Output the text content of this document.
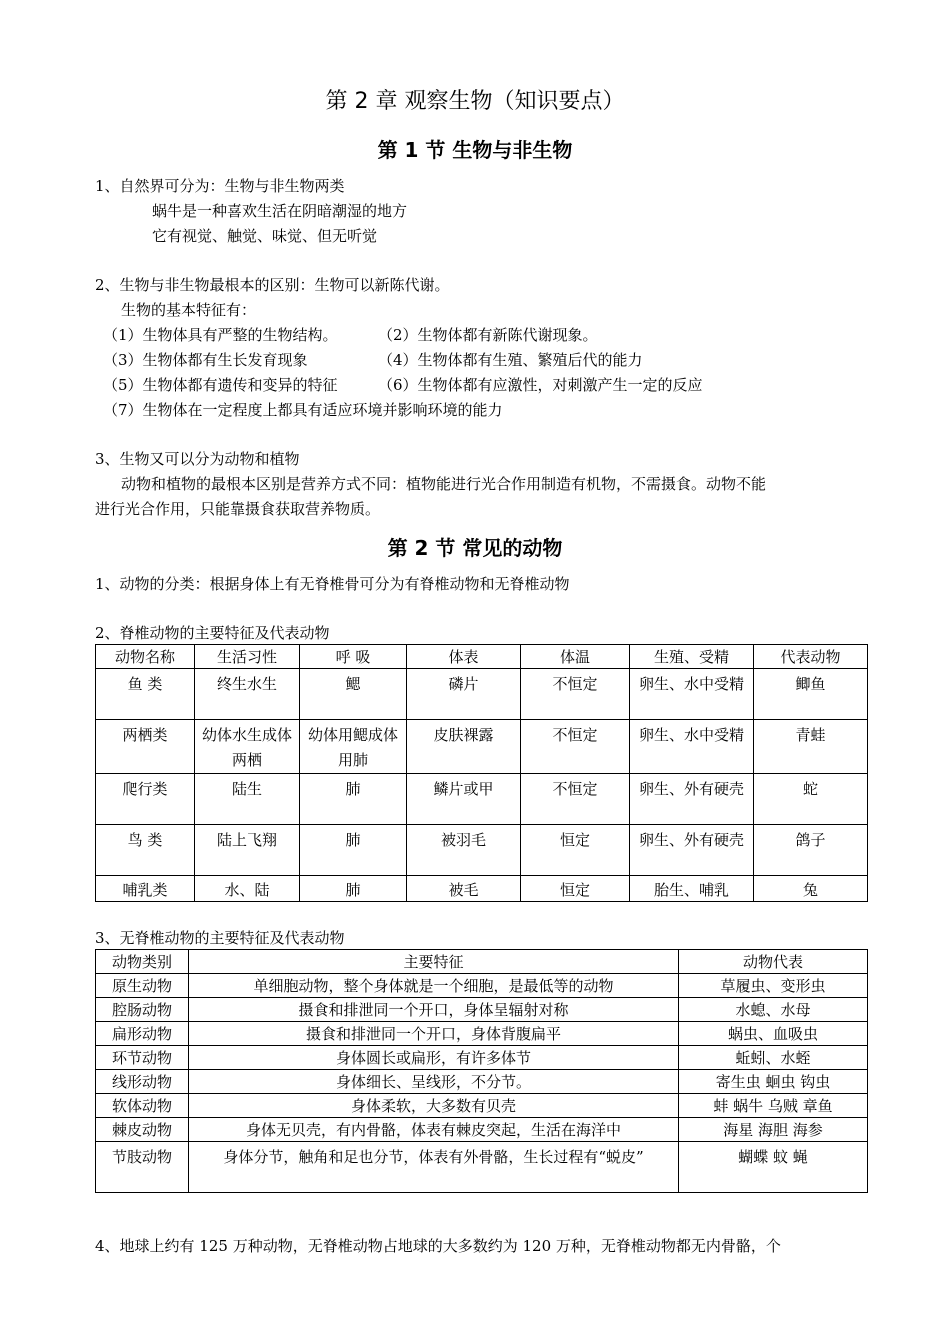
第 2 章 观察生物（知识要点）
第 1 节 生物与非生物
1、自然界可分为：生物与非生物两类
蜗牛是一种喜欢生活在阴暗潮湿的地方
它有视觉、触觉、味觉、但无听觉
2、生物与非生物最根本的区别：生物可以新陈代谢。
生物的基本特征有：
（1）生物体具有严整的生物结构。	（2）生物体都有新陈代谢现象。
（3）生物体都有生长发育现象	（4）生物体都有生殖、繁殖后代的能力
（5）生物体都有遗传和变异的特征	（6）生物体都有应激性，对刺激产生一定的反应
（7）生物体在一定程度上都具有适应环境并影响环境的能力
3、生物又可以分为动物和植物
动物和植物的最根本区别是营养方式不同：植物能进行光合作用制造有机物，不需摄食。动物不能
进行光合作用，只能靠摄食获取营养物质。
第 2 节 常见的动物
1、动物的分类：根据身体上有无脊椎骨可分为有脊椎动物和无脊椎动物
2、脊椎动物的主要特征及代表动物
动物名称	生活习性	呼 吸	体表	体温	生殖、受精	代表动物
鱼 类	终生水生	鳃	磷片	不恒定	卵生、水中受精	鲫鱼
两栖类	幼体水生成体两栖	幼体用鳃成体用肺	皮肤裸露	不恒定	卵生、水中受精	青蛙
爬行类	陆生	肺	鳞片或甲	不恒定	卵生、外有硬壳	蛇
鸟 类	陆上飞翔	肺	被羽毛	恒定	卵生、外有硬壳	鸽子
哺乳类	水、陆	肺	被毛	恒定	胎生、哺乳	兔
3、无脊椎动物的主要特征及代表动物
动物类别	主要特征	动物代表
原生动物	单细胞动物，整个身体就是一个细胞，是最低等的动物	草履虫、变形虫
腔肠动物	摄食和排泄同一个开口，身体呈辐射对称	水螅、水母
扁形动物	摄食和排泄同一个开口，身体背腹扁平	蜗虫、血吸虫
环节动物	身体圆长或扁形，有许多体节	蚯蚓、水蛭
线形动物	身体细长、呈线形，不分节。	寄生虫 蛔虫 钩虫
软体动物	身体柔软，大多数有贝壳	蚌 蜗牛 乌贼 章鱼
棘皮动物	身体无贝壳，有内骨骼，体表有棘皮突起，生活在海洋中	海星 海胆 海参
节肢动物	身体分节，触角和足也分节，体表有外骨骼，生长过程有“蜕皮”	蝴蝶 蚊 蝇
4、地球上约有 125 万种动物，无脊椎动物占地球的大多数约为 120 万种，无脊椎动物都无内骨骼，个
